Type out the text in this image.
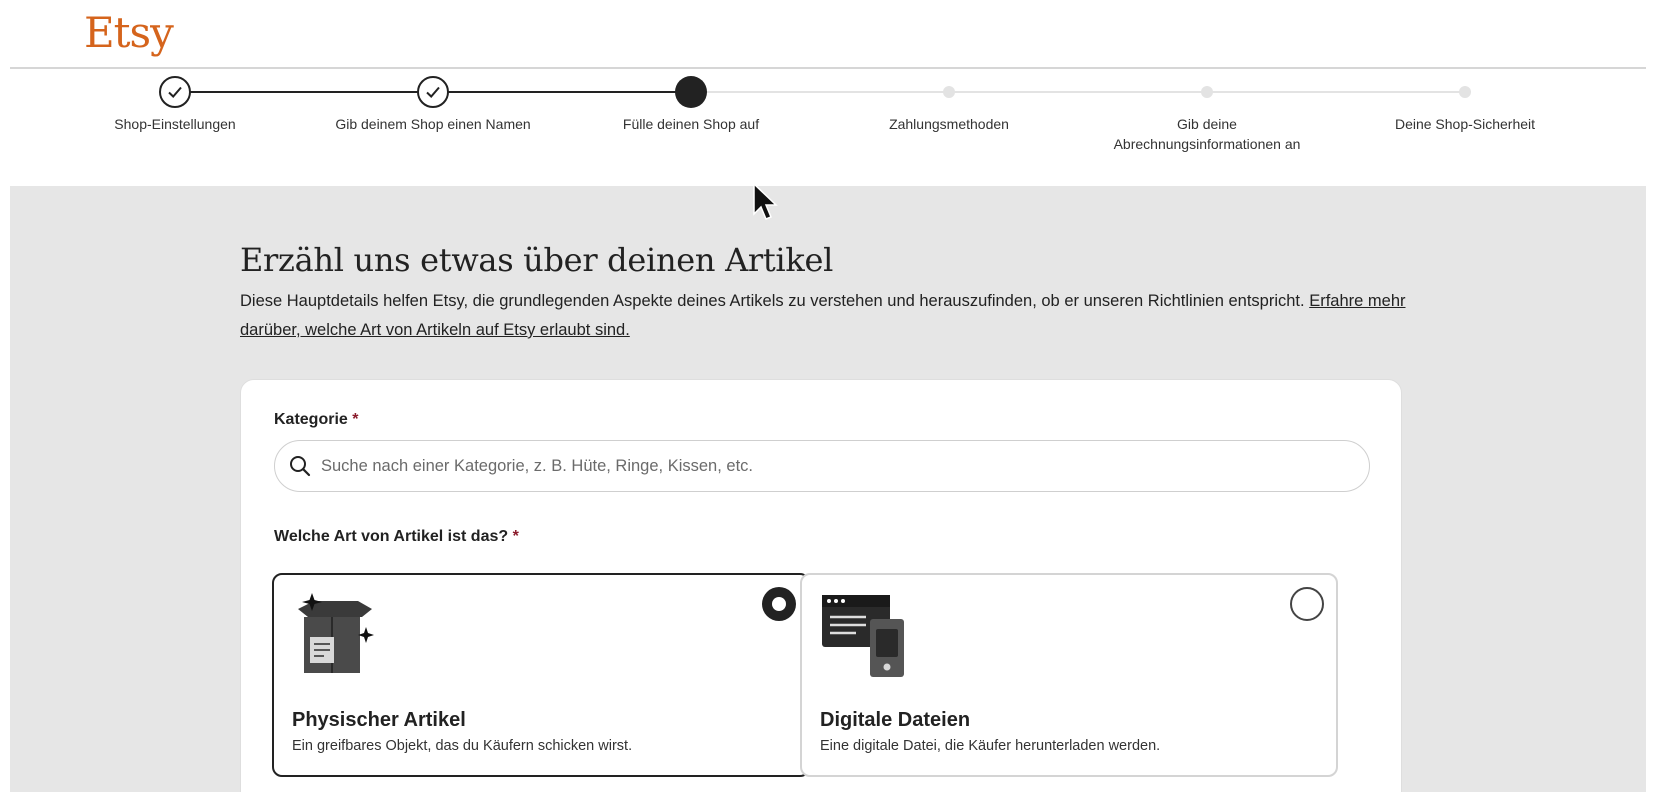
Etsy
Shop-Einstellungen	Gib deinem Shop einen Namen	Fülle deinen Shop auf	Zahlungsmethoden	Gib deine Abrechnungsinformationen an
Deine Shop-Sicherheit
Erzähl uns etwas über deinen Artikel

Diese Hauptdetails helfen Etsy, die grundlegenden Aspekte deines Artikels zu verstehen und herauszufinden, ob er unseren Richtlinien entspricht. Erfahre mehr darüber, welche Art von Artikeln auf Etsy erlaubt sind.

Kategorie *
Suche nach einer Kategorie, z. B. Hüte, Ringe, Kissen, etc.
Welche Art von Artikel ist das? *
Physischer Artikel
Ein greifbares Objekt, das du Käufern schicken wirst.
Digitale Dateien
Eine digitale Datei, die Käufer herunterladen werden.
